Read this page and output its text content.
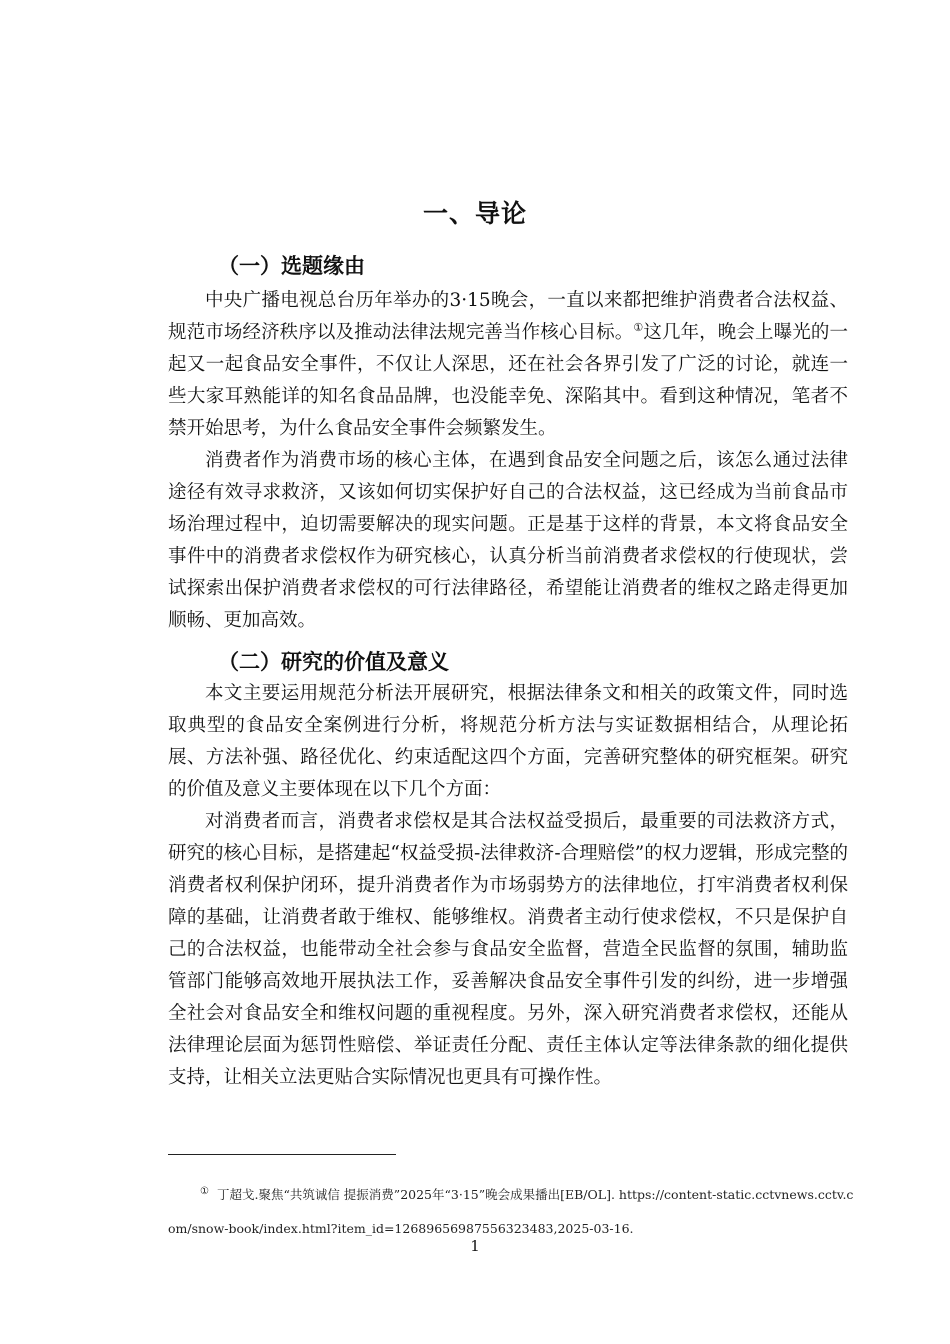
一、导论
（一）选题缘由

中央广播电视总台历年举办的3·15晚会，一直以来都把维护消费者合法权益、规范市场经济秩序以及推动法律法规完善当作核心目标。①这几年，晚会上曝光的一起又一起食品安全事件，不仅让人深思，还在社会各界引发了广泛的讨论，就连一些大家耳熟能详的知名食品品牌，也没能幸免、深陷其中。看到这种情况，笔者不禁开始思考，为什么食品安全事件会频繁发生。

消费者作为消费市场的核心主体，在遇到食品安全问题之后，该怎么通过法律途径有效寻求救济，又该如何切实保护好自己的合法权益，这已经成为当前食品市场治理过程中，迫切需要解决的现实问题。正是基于这样的背景，本文将食品安全事件中的消费者求偿权作为研究核心，认真分析当前消费者求偿权的行使现状，尝试探索出保护消费者求偿权的可行法律路径，希望能让消费者的维权之路走得更加顺畅、更加高效。

（二）研究的价值及意义

本文主要运用规范分析法开展研究，根据法律条文和相关的政策文件，同时选取典型的食品安全案例进行分析，将规范分析方法与实证数据相结合，从理论拓展、方法补强、路径优化、约束适配这四个方面，完善研究整体的研究框架。研究的价值及意义主要体现在以下几个方面：

对消费者而言，消费者求偿权是其合法权益受损后，最重要的司法救济方式，研究的核心目标，是搭建起“权益受损-法律救济-合理赔偿”的权力逻辑，形成完整的消费者权利保护闭环，提升消费者作为市场弱势方的法律地位，打牢消费者权利保障的基础，让消费者敢于维权、能够维权。消费者主动行使求偿权，不只是保护自己的合法权益，也能带动全社会参与食品安全监督，营造全民监督的氛围，辅助监管部门能够高效地开展执法工作，妥善解决食品安全事件引发的纠纷，进一步增强全社会对食品安全和维权问题的重视程度。另外，深入研究消费者求偿权，还能从法律理论层面为惩罚性赔偿、举证责任分配、责任主体认定等法律条款的细化提供支持，让相关立法更贴合实际情况也更具有可操作性。

① 丁超戈.聚焦“共筑诚信 提振消费”2025年“3·15”晚会成果播出[EB/OL]. https://content-static.cctvnews.cctv.com/snow-book/index.html?item_id=12689656987556323483,2025-03-16.
1
